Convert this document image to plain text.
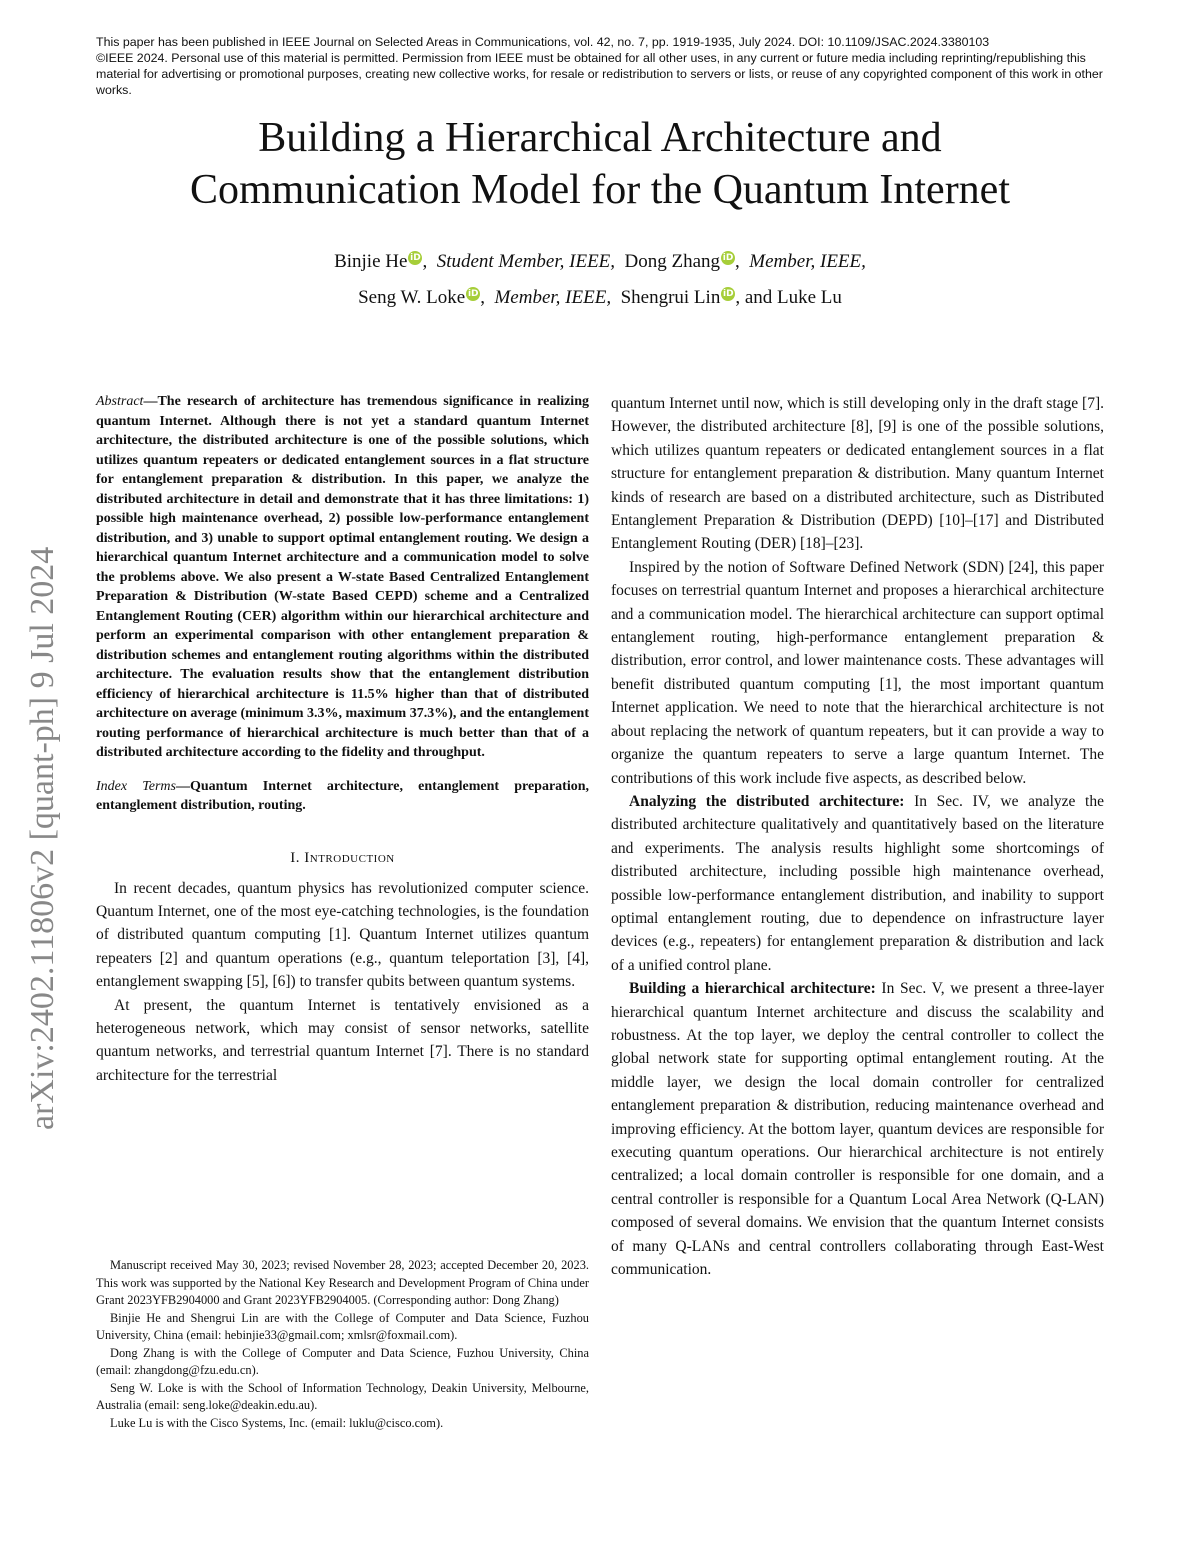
This paper has been published in IEEE Journal on Selected Areas in Communications, vol. 42, no. 7, pp. 1919-1935, July 2024. DOI: 10.1109/JSAC.2024.3380103

©IEEE 2024. Personal use of this material is permitted. Permission from IEEE must be obtained for all other uses, in any current or future media including reprinting/republishing this material for advertising or promotional purposes, creating new collective works, for resale or redistribution to servers or lists, or reuse of any copyrighted component of this work in other works.

Building a Hierarchical Architecture and
Communication Model for the Quantum Internet
Binjie He iD,  Student Member, IEEE, Dong Zhang iD,  Member, IEEE,
Seng W. Loke iD,  Member, IEEE, Shengrui Lin iD, and Luke Lu
arXiv:2402.11806v2 [quant-ph] 9 Jul 2024

Abstract—The research of architecture has tremendous significance in realizing quantum Internet. Although there is not yet a standard quantum Internet architecture, the distributed architecture is one of the possible solutions, which utilizes quantum repeaters or dedicated entanglement sources in a flat structure for entanglement preparation & distribution. In this paper, we analyze the distributed architecture in detail and demonstrate that it has three limitations: 1) possible high maintenance overhead, 2) possible low-performance entanglement distribution, and 3) unable to support optimal entanglement routing. We design a hierarchical quantum Internet architecture and a communication model to solve the problems above. We also present a W-state Based Centralized Entanglement Preparation & Distribution (W-state Based CEPD) scheme and a Centralized Entanglement Routing (CER) algorithm within our hierarchical architecture and perform an experimental comparison with other entanglement preparation & distribution schemes and entanglement routing algorithms within the distributed architecture. The evaluation results show that the entanglement distribution efficiency of hierarchical architecture is 11.5% higher than that of distributed architecture on average (minimum 3.3%, maximum 37.3%), and the entanglement routing performance of hierarchical architecture is much better than that of a distributed architecture according to the fidelity and throughput.

Index Terms—Quantum Internet architecture, entanglement preparation, entanglement distribution, routing.

I. Introduction

In recent decades, quantum physics has revolutionized computer science. Quantum Internet, one of the most eye-catching technologies, is the foundation of distributed quantum computing [1]. Quantum Internet utilizes quantum repeaters [2] and quantum operations (e.g., quantum teleportation [3], [4], entanglement swapping [5], [6]) to transfer qubits between quantum systems.

At present, the quantum Internet is tentatively envisioned as a heterogeneous network, which may consist of sensor networks, satellite quantum networks, and terrestrial quantum Internet [7]. There is no standard architecture for the terrestrial

Manuscript received May 30, 2023; revised November 28, 2023; accepted December 20, 2023. This work was supported by the National Key Research and Development Program of China under Grant 2023YFB2904000 and Grant 2023YFB2904005. (Corresponding author: Dong Zhang)

Binjie He and Shengrui Lin are with the College of Computer and Data Science, Fuzhou University, China (email: hebinjie33@gmail.com; xmlsr@foxmail.com).

Dong Zhang is with the College of Computer and Data Science, Fuzhou University, China (email: zhangdong@fzu.edu.cn).

Seng W. Loke is with the School of Information Technology, Deakin University, Melbourne, Australia (email: seng.loke@deakin.edu.au).

Luke Lu is with the Cisco Systems, Inc. (email: luklu@cisco.com).

quantum Internet until now, which is still developing only in the draft stage [7]. However, the distributed architecture [8], [9] is one of the possible solutions, which utilizes quantum repeaters or dedicated entanglement sources in a flat structure for entanglement preparation & distribution. Many quantum Internet kinds of research are based on a distributed architecture, such as Distributed Entanglement Preparation & Distribution (DEPD) [10]–[17] and Distributed Entanglement Routing (DER) [18]–[23].

Inspired by the notion of Software Defined Network (SDN) [24], this paper focuses on terrestrial quantum Internet and proposes a hierarchical architecture and a communication model. The hierarchical architecture can support optimal entanglement routing, high-performance entanglement preparation & distribution, error control, and lower maintenance costs. These advantages will benefit distributed quantum computing [1], the most important quantum Internet application. We need to note that the hierarchical architecture is not about replacing the network of quantum repeaters, but it can provide a way to organize the quantum repeaters to serve a large quantum Internet. The contributions of this work include five aspects, as described below.

Analyzing the distributed architecture: In Sec. IV, we analyze the distributed architecture qualitatively and quantitatively based on the literature and experiments. The analysis results highlight some shortcomings of distributed architecture, including possible high maintenance overhead, possible low-performance entanglement distribution, and inability to support optimal entanglement routing, due to dependence on infrastructure layer devices (e.g., repeaters) for entanglement preparation & distribution and lack of a unified control plane.

Building a hierarchical architecture: In Sec. V, we present a three-layer hierarchical quantum Internet architecture and discuss the scalability and robustness. At the top layer, we deploy the central controller to collect the global network state for supporting optimal entanglement routing. At the middle layer, we design the local domain controller for centralized entanglement preparation & distribution, reducing maintenance overhead and improving efficiency. At the bottom layer, quantum devices are responsible for executing quantum operations. Our hierarchical architecture is not entirely centralized; a local domain controller is responsible for one domain, and a central controller is responsible for a Quantum Local Area Network (Q-LAN) composed of several domains. We envision that the quantum Internet consists of many Q-LANs and central controllers collaborating through East-West communication.
